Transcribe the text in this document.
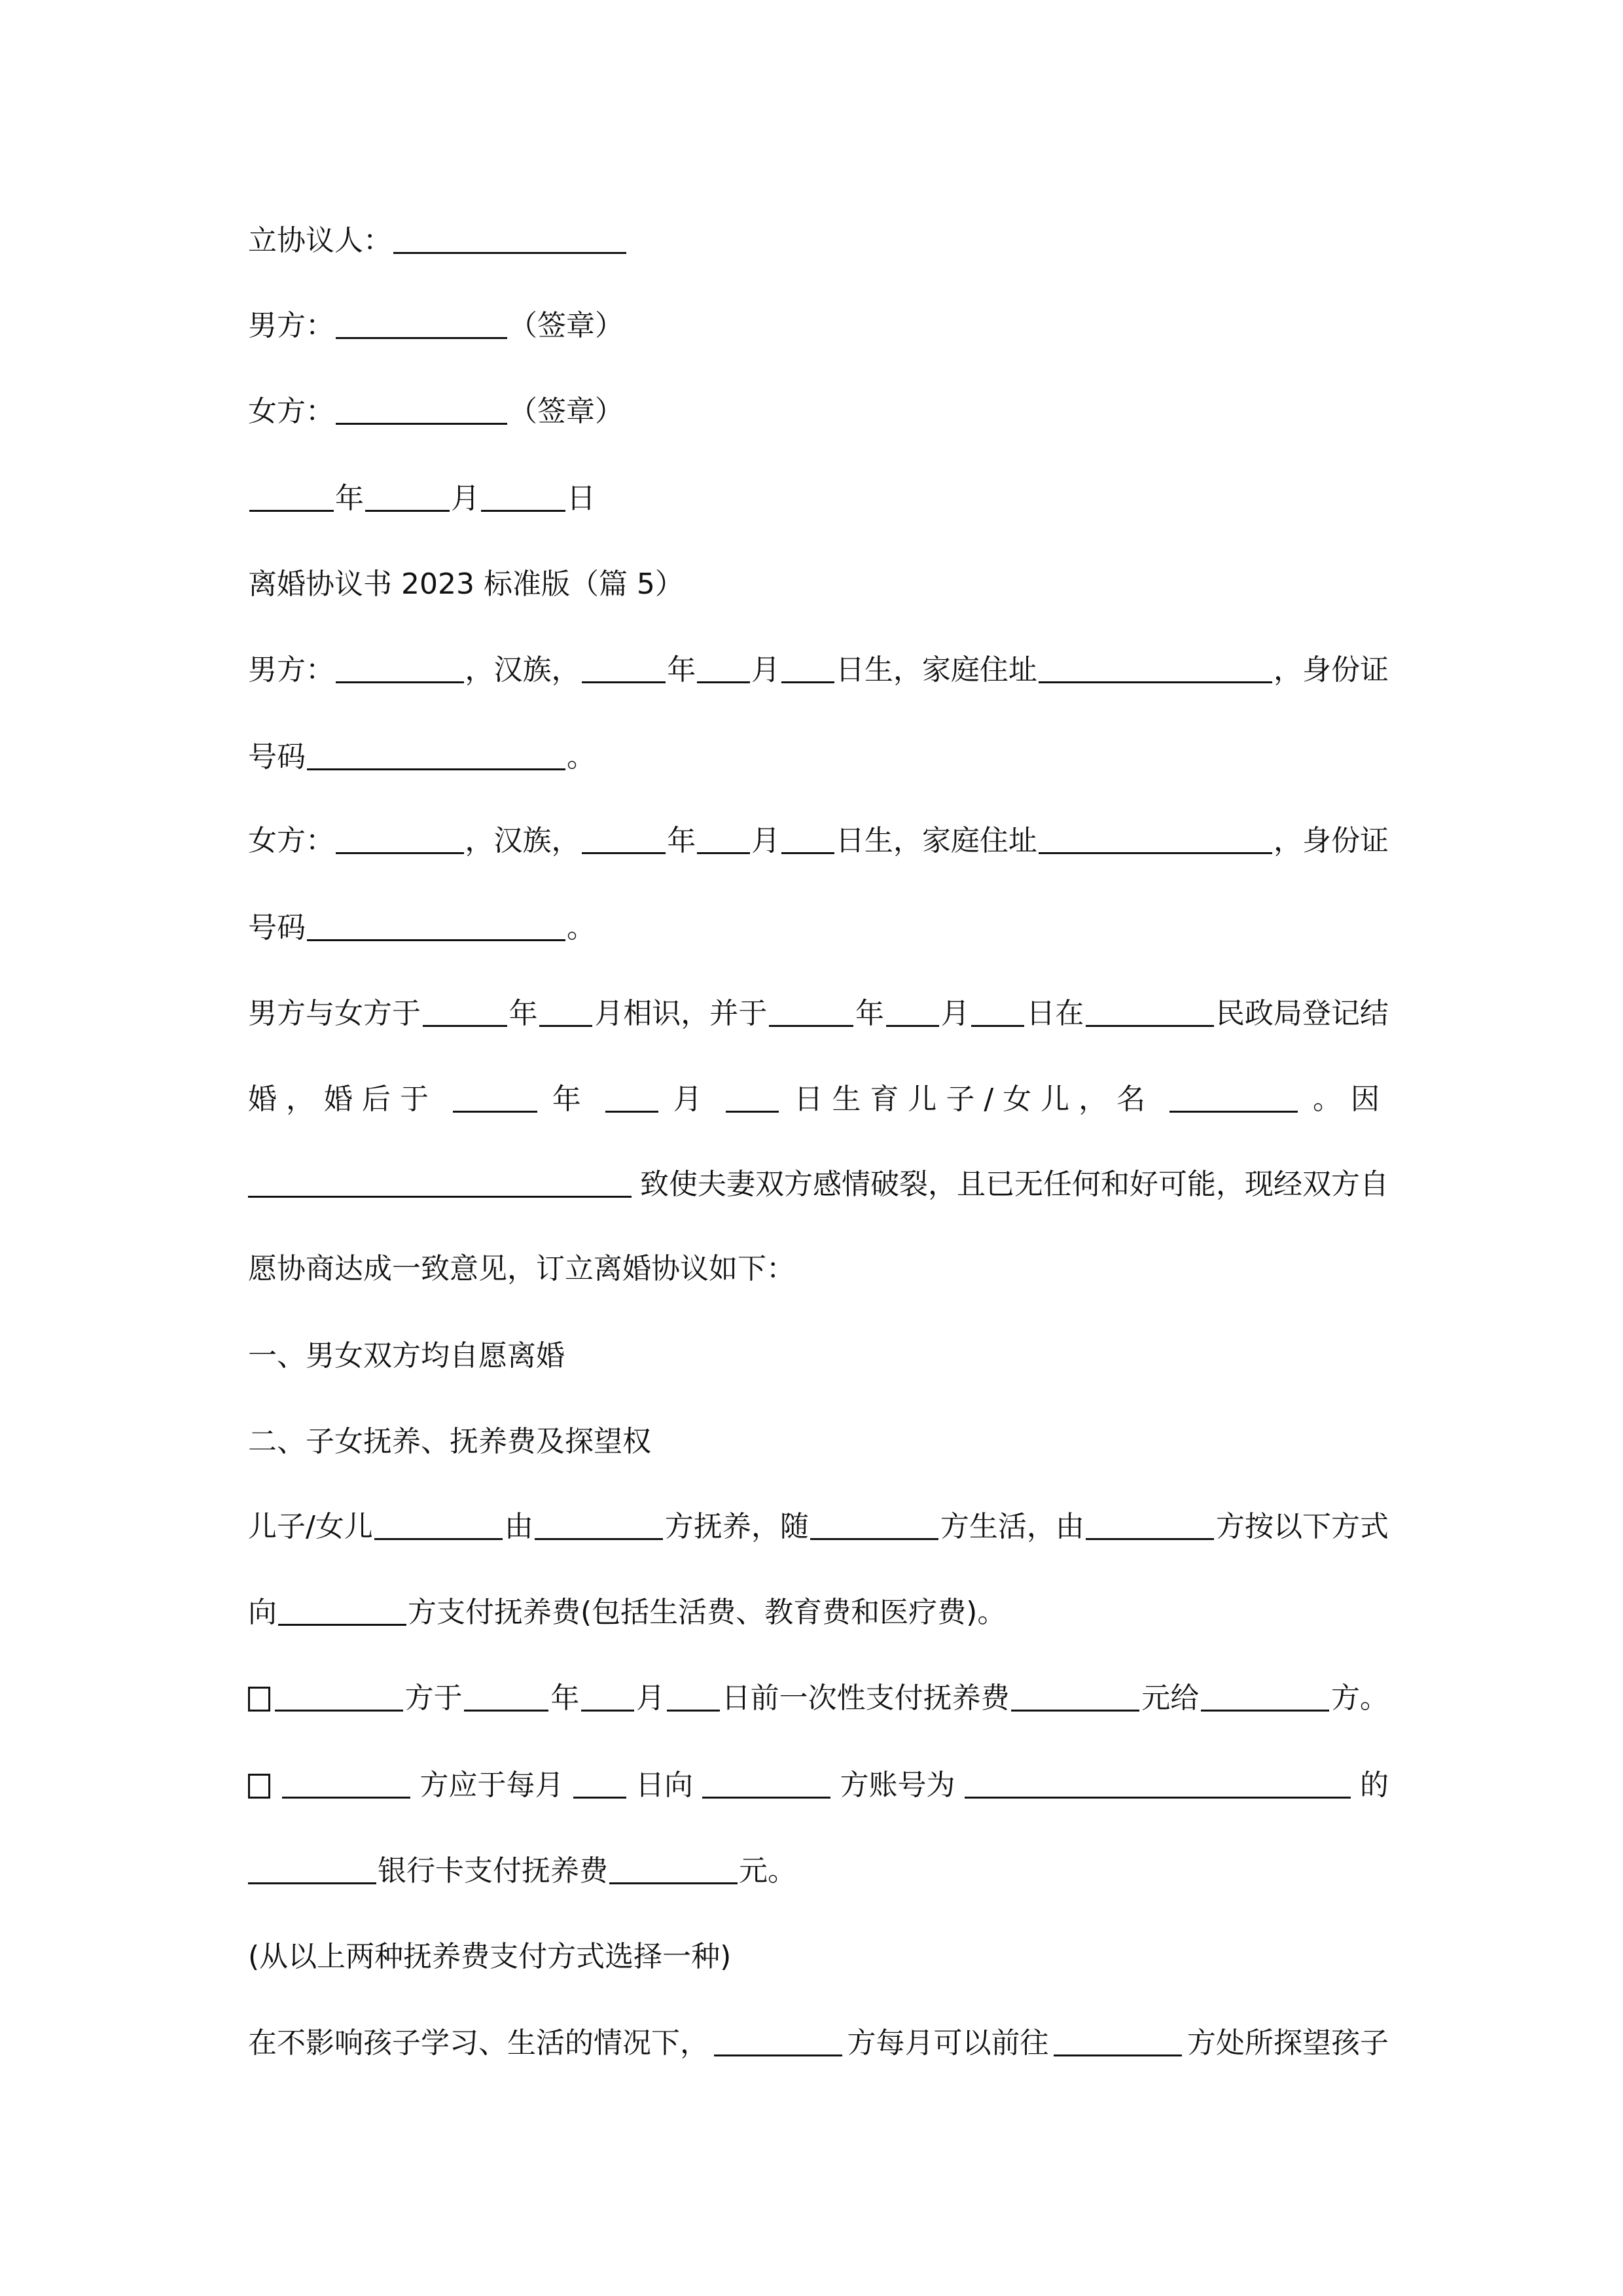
立协议人：
男方：	（签章）
女方：	（签章）
年	月	日
离婚协议书 2023 标准版（篇 5）
男方：	，汉族，	年 月 日生，家庭住址	，身份证
号码	。
女方：	，汉族，	年 月 日生，家庭住址	，身份证
号码	。
男方与女方于	年 月相识，并于	年 月 日在	民政局登记结
婚，婚后于	年	月	日生育儿子/女儿，名	。因
致使夫妻双方感情破裂，且已无任何和好可能，现经双方自
愿协商达成一致意见，订立离婚协议如下：
一、男女双方均自愿离婚
二、子女抚养、抚养费及探望权
儿子/女儿	由	方抚养，随	方生活，由	方按以下方式
向	方支付抚养费(包括生活费、教育费和医疗费)。
方于	年 月 日前一次性支付抚养费	元给	方。
方应于每月 日向	方账号为	的
银行卡支付抚养费	元。
(从以上两种抚养费支付方式选择一种)
在不影响孩子学习、生活的情况下，	方每月可以前往	方处所探望孩子
